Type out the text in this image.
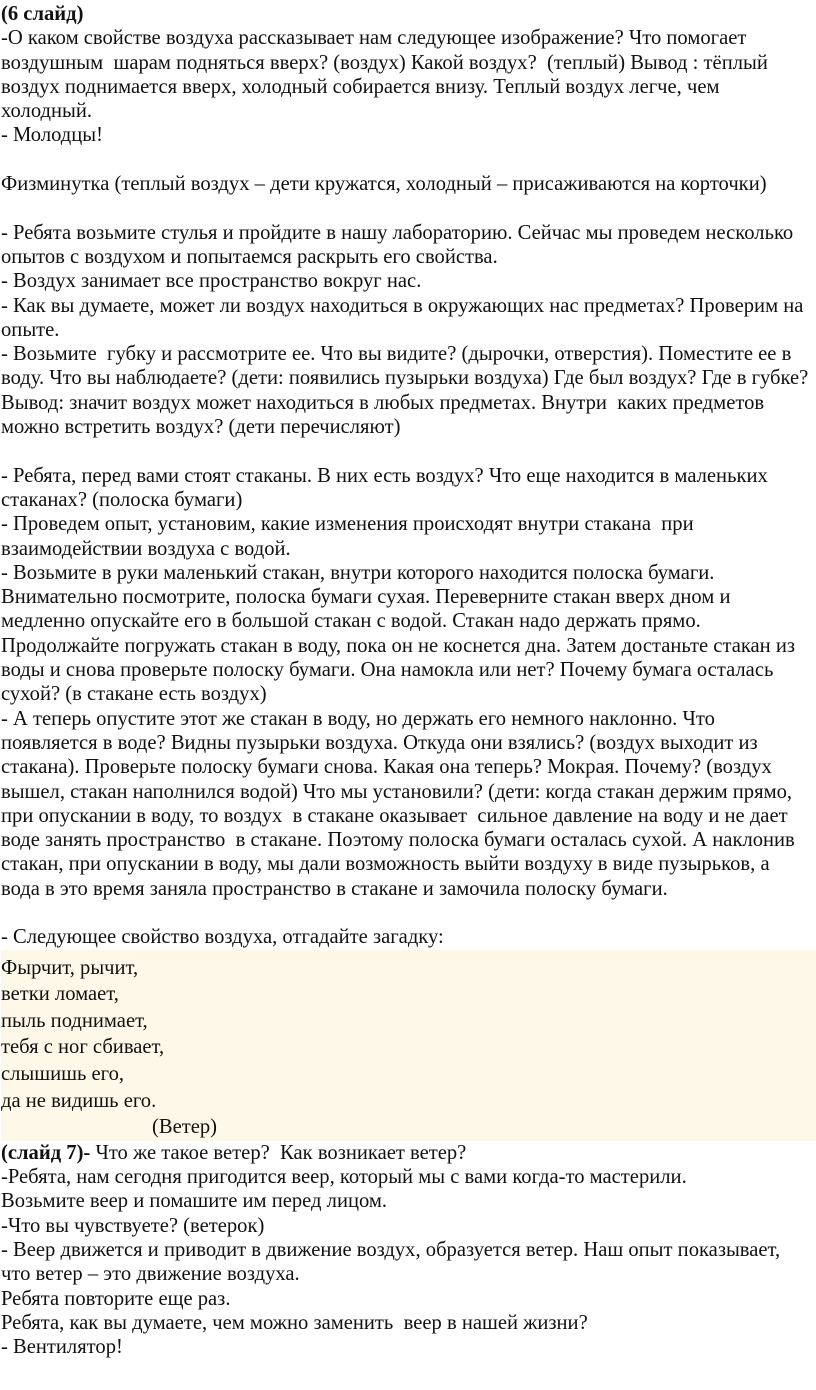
(6 слайд)

-О каком свойстве воздуха рассказывает нам следующее изображение? Что помогает воздушным  шарам подняться вверх? (воздух) Какой воздух?  (теплый) Вывод : тёплый воздух поднимается вверх, холодный собирается внизу. Теплый воздух легче, чем холодный.

- Молодцы!

Физминутка (теплый воздух – дети кружатся, холодный – присаживаются на корточки)

- Ребята возьмите стулья и пройдите в нашу лабораторию. Сейчас мы проведем несколько опытов с воздухом и попытаемся раскрыть его свойства.

- Воздух занимает все пространство вокруг нас.

- Как вы думаете, может ли воздух находиться в окружающих нас предметах? Проверим на опыте.

- Возьмите  губку и рассмотрите ее. Что вы видите? (дырочки, отверстия). Поместите ее в воду. Что вы наблюдаете? (дети: появились пузырьки воздуха) Где был воздух? Где в губке?

Вывод: значит воздух может находиться в любых предметах. Внутри  каких предметов можно встретить воздух? (дети перечисляют)

- Ребята, перед вами стоят стаканы. В них есть воздух? Что еще находится в маленьких стаканах? (полоска бумаги)

- Проведем опыт, установим, какие изменения происходят внутри стакана  при взаимодействии воздуха с водой.

- Возьмите в руки маленький стакан, внутри которого находится полоска бумаги. Внимательно посмотрите, полоска бумаги сухая. Переверните стакан вверх дном и медленно опускайте его в большой стакан с водой. Стакан надо держать прямо. Продолжайте погружать стакан в воду, пока он не коснется дна. Затем достаньте стакан из воды и снова проверьте полоску бумаги. Она намокла или нет? Почему бумага осталась сухой? (в стакане есть воздух)

- А теперь опустите этот же стакан в воду, но держать его немного наклонно. Что появляется в воде? Видны пузырьки воздуха. Откуда они взялись? (воздух выходит из стакана). Проверьте полоску бумаги снова. Какая она теперь? Мокрая. Почему? (воздух вышел, стакан наполнился водой) Что мы установили? (дети: когда стакан держим прямо, при опускании в воду, то воздух  в стакане оказывает  сильное давление на воду и не дает воде занять пространство  в стакане. Поэтому полоска бумаги осталась сухой. А наклонив стакан, при опускании в воду, мы дали возможность выйти воздуху в виде пузырьков, а вода в это время заняла пространство в стакане и замочила полоску бумаги.

- Следующее свойство воздуха, отгадайте загадку:

Фырчит, рычит,

ветки ломает,

пыль поднимает,

тебя с ног сбивает,

слышишь его,

да не видишь его.

(Ветер)

(слайд 7)- Что же такое ветер?  Как возникает ветер?

-Ребята, нам сегодня пригодится веер, который мы с вами когда-то мастерили.

Возьмите веер и помашите им перед лицом.

-Что вы чувствуете? (ветерок)

- Веер движется и приводит в движение воздух, образуется ветер. Наш опыт показывает, что ветер – это движение воздуха.

Ребята повторите еще раз.

Ребята, как вы думаете, чем можно заменить  веер в нашей жизни?

- Вентилятор!
